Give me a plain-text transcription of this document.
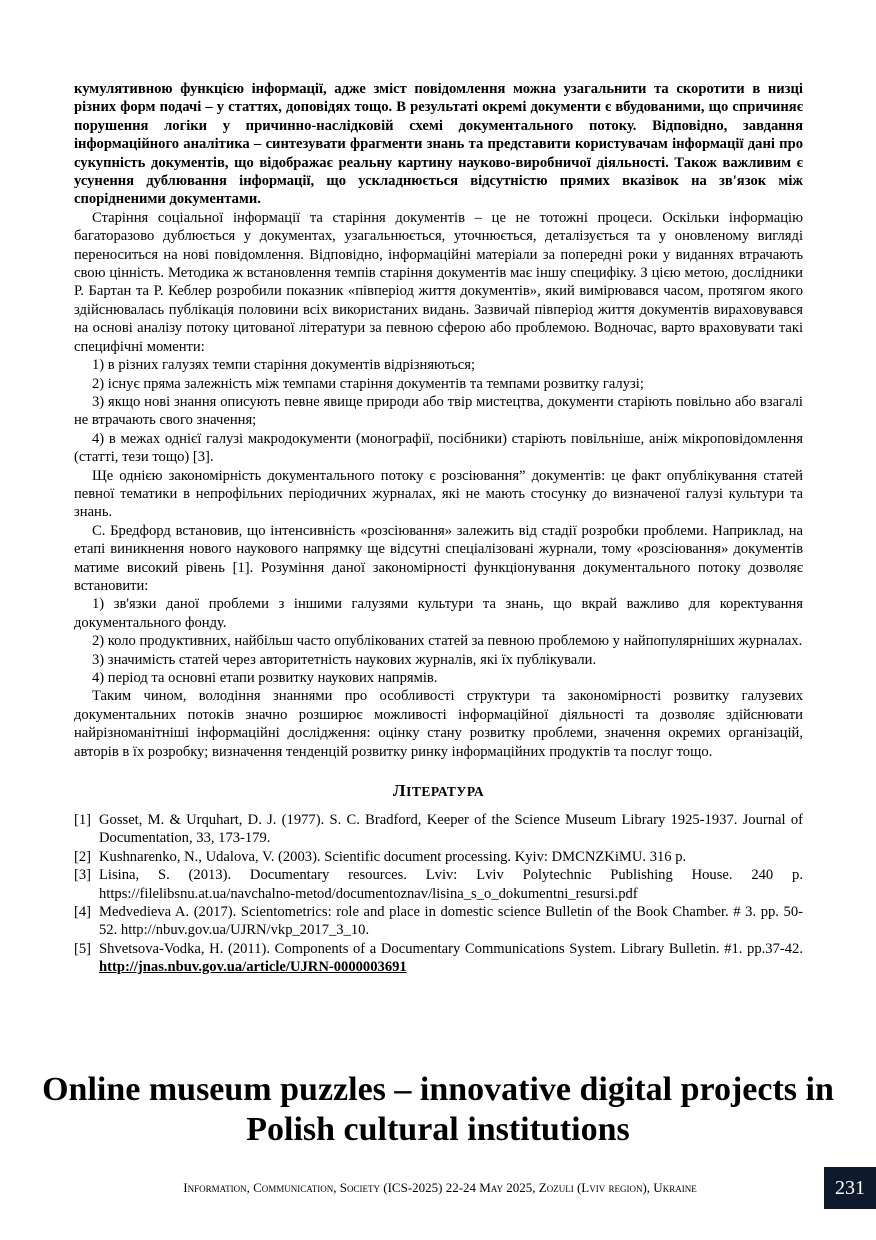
кумулятивною функцією інформації, адже зміст повідомлення можна узагальнити та скоротити в низці різних форм подачі – у статтях, доповідях тощо. В результаті окремі документи є вбудованими, що спричиняє порушення логіки у причинно-наслідковій схемі документального потоку. Відповідно, завдання інформаційного аналітика – синтезувати фрагменти знань та представити користувачам інформації дані про сукупність документів, що відображає реальну картину науково-виробничої діяльності. Також важливим є усунення дублювання інформації, що ускладнюється відсутністю прямих вказівок на зв'язок між спорідненими документами.

Старіння соціальної інформації та старіння документів – це не тотожні процеси. Оскільки інформацію багаторазово дублюється у документах, узагальнюється, уточнюється, деталізується та у оновленому вигляді переноситься на нові повідомлення. Відповідно, інформаційні матеріали за попередні роки у виданнях втрачають свою цінність. Методика ж встановлення темпів старіння документів має іншу специфіку. З цією метою, дослідники Р. Бартан та Р. Кеблер розробили показник «півперіод життя документів», який вимірювався часом, протягом якого здійснювалась публікація половини всіх використаних видань. Зазвичай півперіод життя документів вираховувався на основі аналізу потоку цитованої літератури за певною сферою або проблемою. Водночас, варто враховувати такі специфічні моменти:

1) в різних галузях темпи старіння документів відрізняються;

2) існує пряма залежність між темпами старіння документів та темпами розвитку галузі;

3) якщо нові знання описують певне явище природи або твір мистецтва, документи старіють повільно або взагалі не втрачають свого значення;

4) в межах однієї галузі макродокументи (монографії, посібники) старіють повільніше, аніж мікроповідомлення (статті, тези тощо) [3].

Ще однією закономірність документального потоку є розсіювання” документів: це факт опублікування статей певної тематики в непрофільних періодичних журналах, які не мають стосунку до визначеної галузі культури та знань.

С. Бредфорд встановив, що інтенсивність «розсіювання» залежить від стадії розробки проблеми. Наприклад, на етапі виникнення нового наукового напрямку ще відсутні спеціалізовані журнали, тому «розсіювання» документів матиме високий рівень [1]. Розуміння даної закономірності функціонування документального потоку дозволяє встановити:

1) зв'язки даної проблеми з іншими галузями культури та знань, що вкрай важливо для коректування документального фонду.

2) коло продуктивних, найбільш часто опублікованих статей за певною проблемою у найпопулярніших журналах.

3) значимість статей через авторитетність наукових журналів, які їх публікували.

4) період та основні етапи розвитку наукових напрямів.

Таким чином, володіння знаннями про особливості структури та закономірності розвитку галузевих документальних потоків значно розширює можливості інформаційної діяльності та дозволяє здійснювати найрізноманітніші інформаційні дослідження: оцінку стану розвитку проблеми, значення окремих організацій, авторів в їх розробку; визначення тенденцій розвитку ринку інформаційних продуктів та послуг тощо.

ЛІТЕРАТУРА
[1] Gosset, M. & Urquhart, D. J. (1977). S. C. Bradford, Keeper of the Science Museum Library 1925-1937. Journal of Documentation, 33, 173-179.
[2] Kushnarenko, N., Udalova, V. (2003). Scientific document processing. Kyiv: DMCNZKiMU. 316 p.
[3] Lisina, S. (2013). Documentary resources. Lviv: Lviv Polytechnic Publishing House. 240 p. https://filelibsnu.at.ua/navchalno-metod/documentoznav/lisina_s_o_dokumentni_resursi.pdf
[4] Medvedieva A. (2017). Scientometrics: role and place in domestic science Bulletin of the Book Chamber. # 3. pp. 50-52. http://nbuv.gov.ua/UJRN/vkp_2017_3_10.
[5] Shvetsova-Vodka, H. (2011). Components of a Documentary Communications System. Library Bulletin. #1. pp.37-42. http://jnas.nbuv.gov.ua/article/UJRN-0000003691
Online museum puzzles – innovative digital projects in Polish cultural institutions
Information, Communication, Society (ICS-2025) 22-24 May 2025, Zozuli (Lviv region), Ukraine	231
